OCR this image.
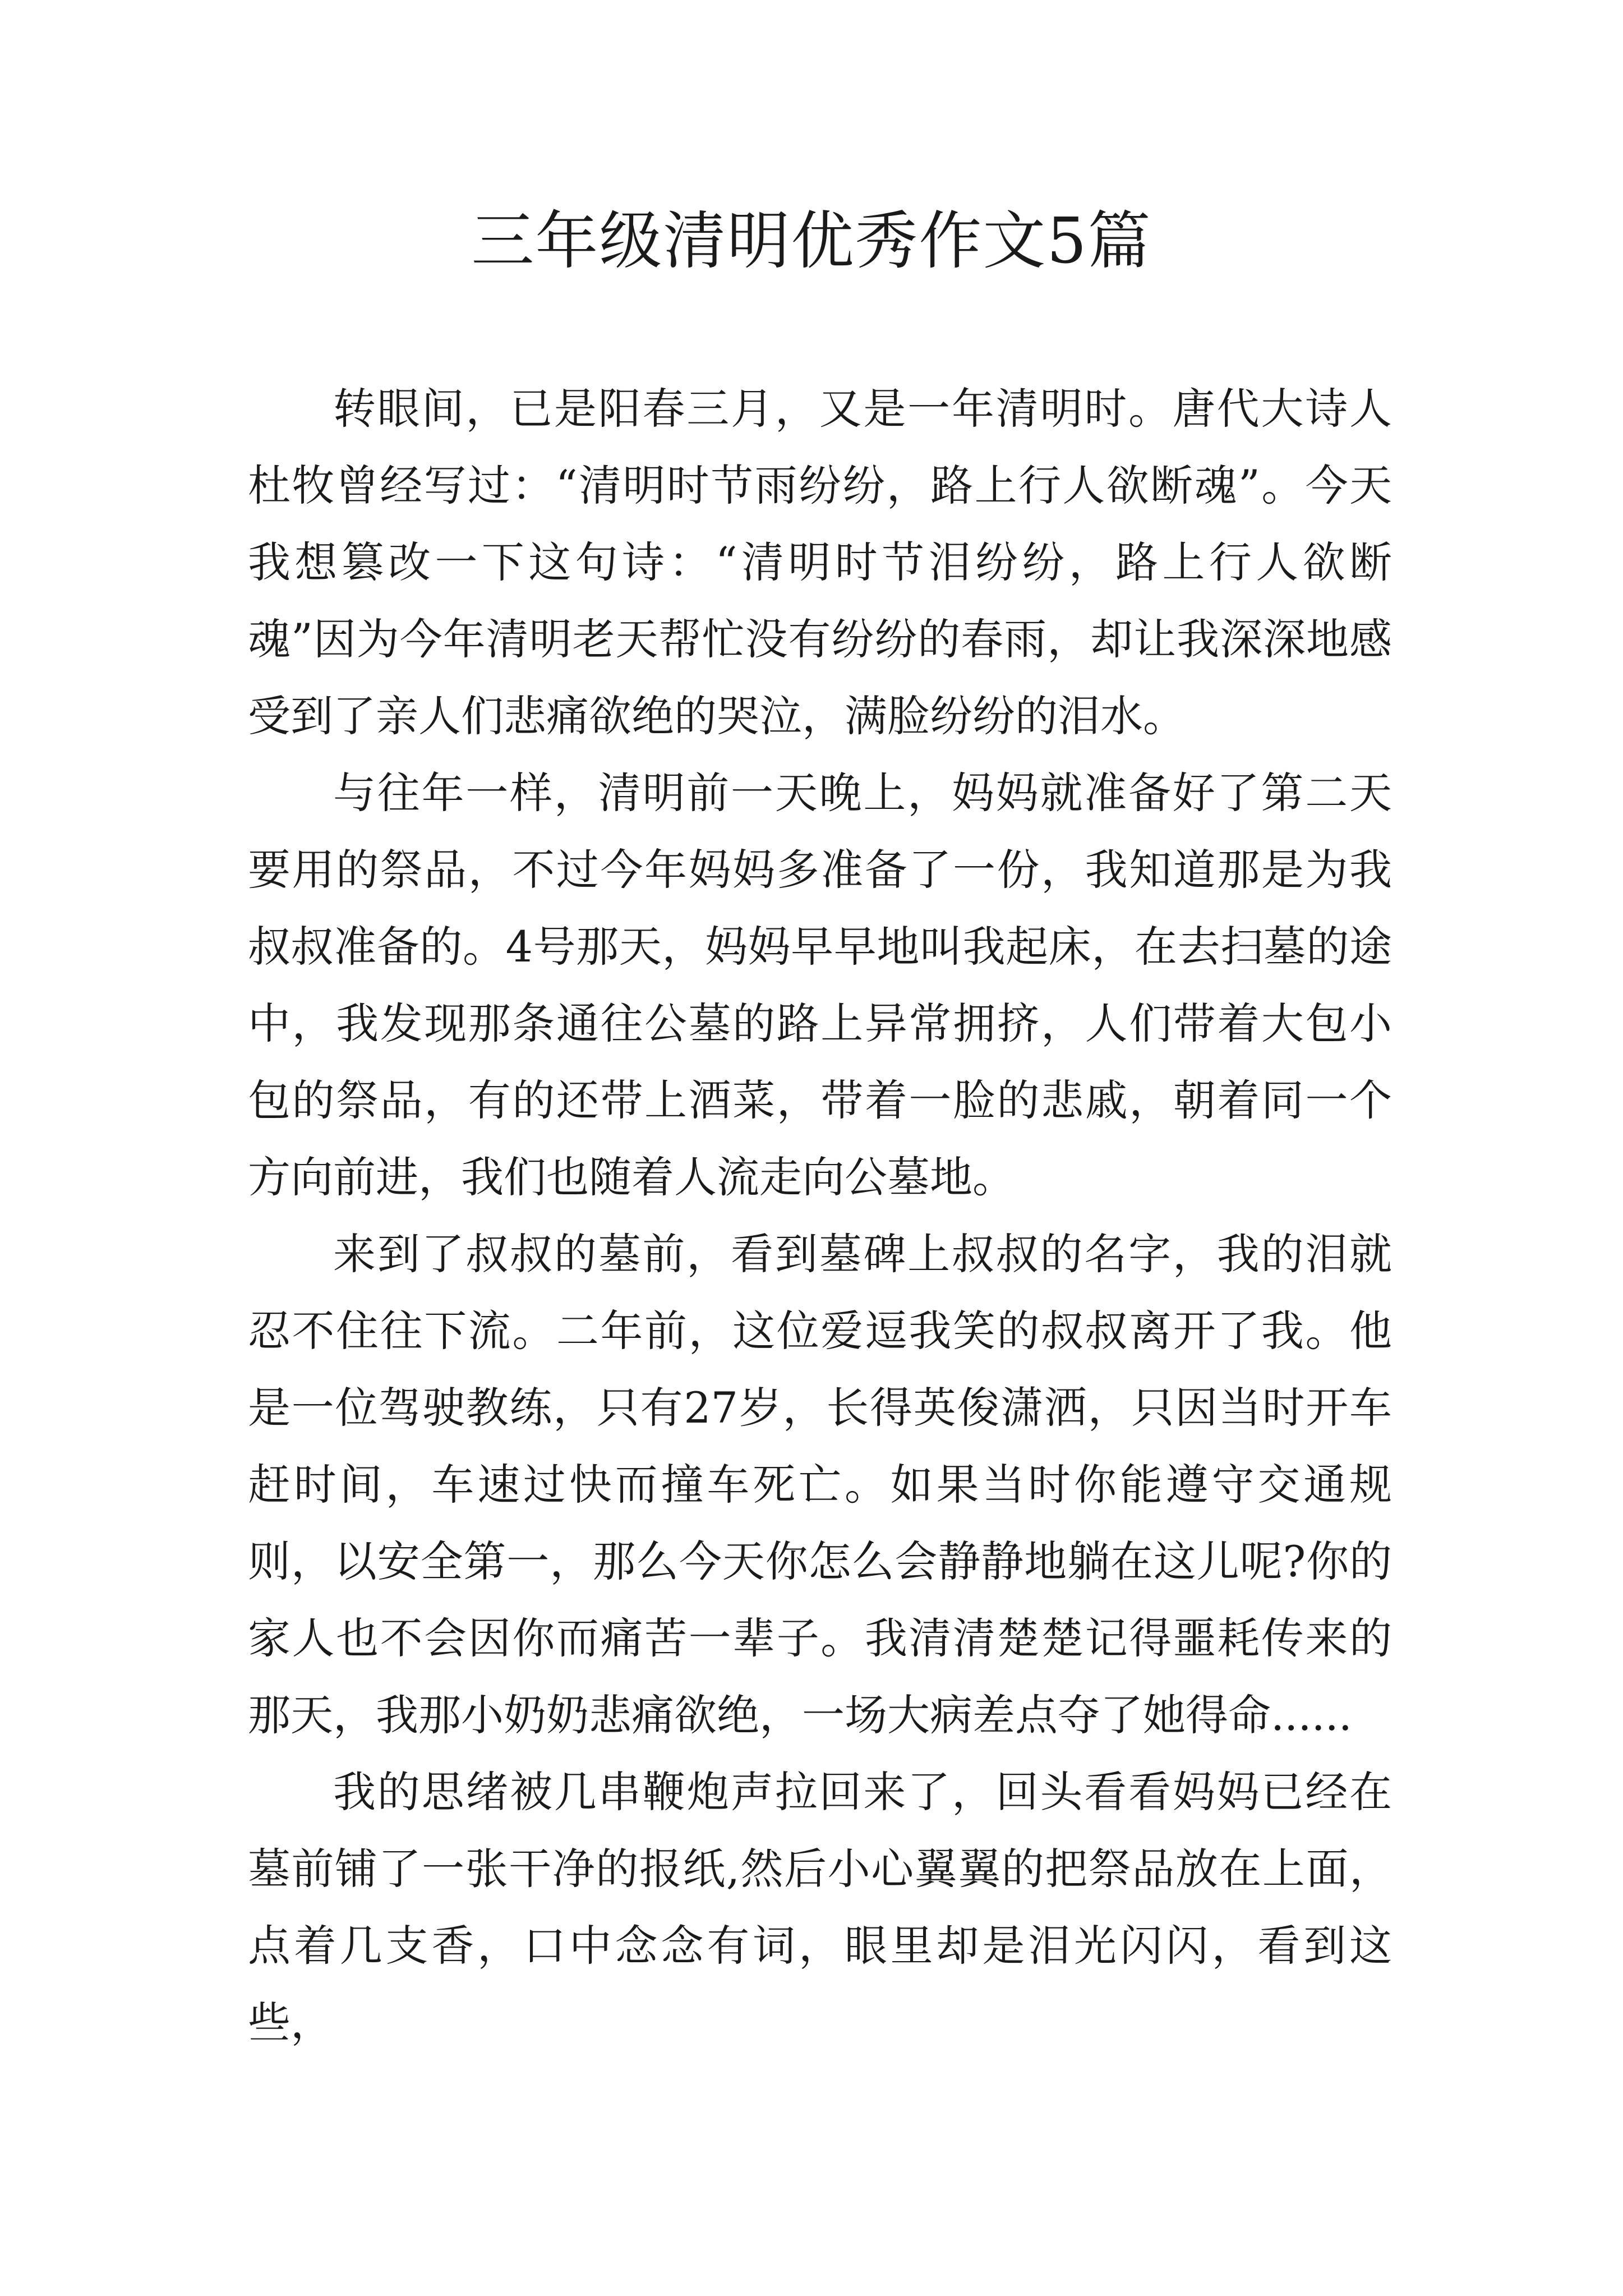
三年级清明优秀作文5篇

转眼间，已是阳春三月，又是一年清明时。唐代大诗人杜牧曾经写过：“清明时节雨纷纷，路上行人欲断魂”。今天我想篡改一下这句诗：“清明时节泪纷纷，路上行人欲断魂”因为今年清明老天帮忙没有纷纷的春雨，却让我深深地感受到了亲人们悲痛欲绝的哭泣，满脸纷纷的泪水。

与往年一样，清明前一天晚上，妈妈就准备好了第二天要用的祭品，不过今年妈妈多准备了一份，我知道那是为我叔叔准备的。4号那天，妈妈早早地叫我起床，在去扫墓的途中，我发现那条通往公墓的路上异常拥挤，人们带着大包小包的祭品，有的还带上酒菜，带着一脸的悲戚，朝着同一个方向前进，我们也随着人流走向公墓地。

来到了叔叔的墓前，看到墓碑上叔叔的名字，我的泪就忍不住往下流。二年前，这位爱逗我笑的叔叔离开了我。他是一位驾驶教练，只有27岁，长得英俊潇洒，只因当时开车赶时间，车速过快而撞车死亡。如果当时你能遵守交通规则，以安全第一，那么今天你怎么会静静地躺在这儿呢?你的家人也不会因你而痛苦一辈子。我清清楚楚记得噩耗传来的那天，我那小奶奶悲痛欲绝，一场大病差点夺了她得命......

我的思绪被几串鞭炮声拉回来了，回头看看妈妈已经在墓前铺了一张干净的报纸,然后小心翼翼的把祭品放在上面，点着几支香，口中念念有词，眼里却是泪光闪闪，看到这些，
